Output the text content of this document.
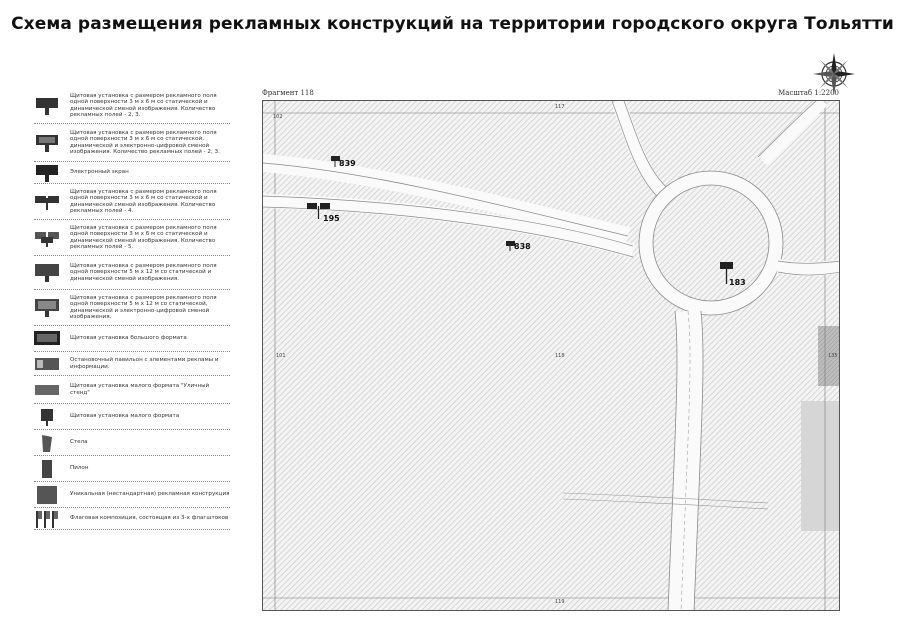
Схема размещения рекламных конструкций на территории городского округа Тольятти
Щитовая установка с размером рекламного поля одной поверхности 3 м х 6 м со статической и динамической сменой изображения. Количество рекламных полей - 2, 3.
Щитовая установка с размером рекламного поля одной поверхности 3 м х 6 м со статической, динамической и электронно-цифровой сменой изображения. Количество рекламных полей - 2, 3.
Электронный экран
Щитовая установка с размером рекламного поля одной поверхности 3 м х 6 м со статической и динамической сменой изображения. Количество рекламных полей - 4.
Щитовая установка с размером рекламного поля одной поверхности 3 м х 6 м со статической и динамической сменой изображения. Количество рекламных полей - 5.
Щитовая установка с размером рекламного поля одной поверхности 5 м х 12 м со статической и динамической сменой изображения.
Щитовая установка с размером рекламного поля одной поверхности 5 м х 12 м со статической, динамической и электронно-цифровой сменой изображения.
Щитовая установка большого формата
Остановочный павильон с элементами рекламы и информации.
Щитовая установка малого формата "Уличный стенд"
Щитовая установка малого формата
Стела
Пилон
Уникальная (нестандартная) рекламная конструкция
Флаговая композиция, состоящая из 3-х флагштоков
Фрагмент 118	Масштаб 1:2200
102
117
101	118	135
119
839
195
838
183
